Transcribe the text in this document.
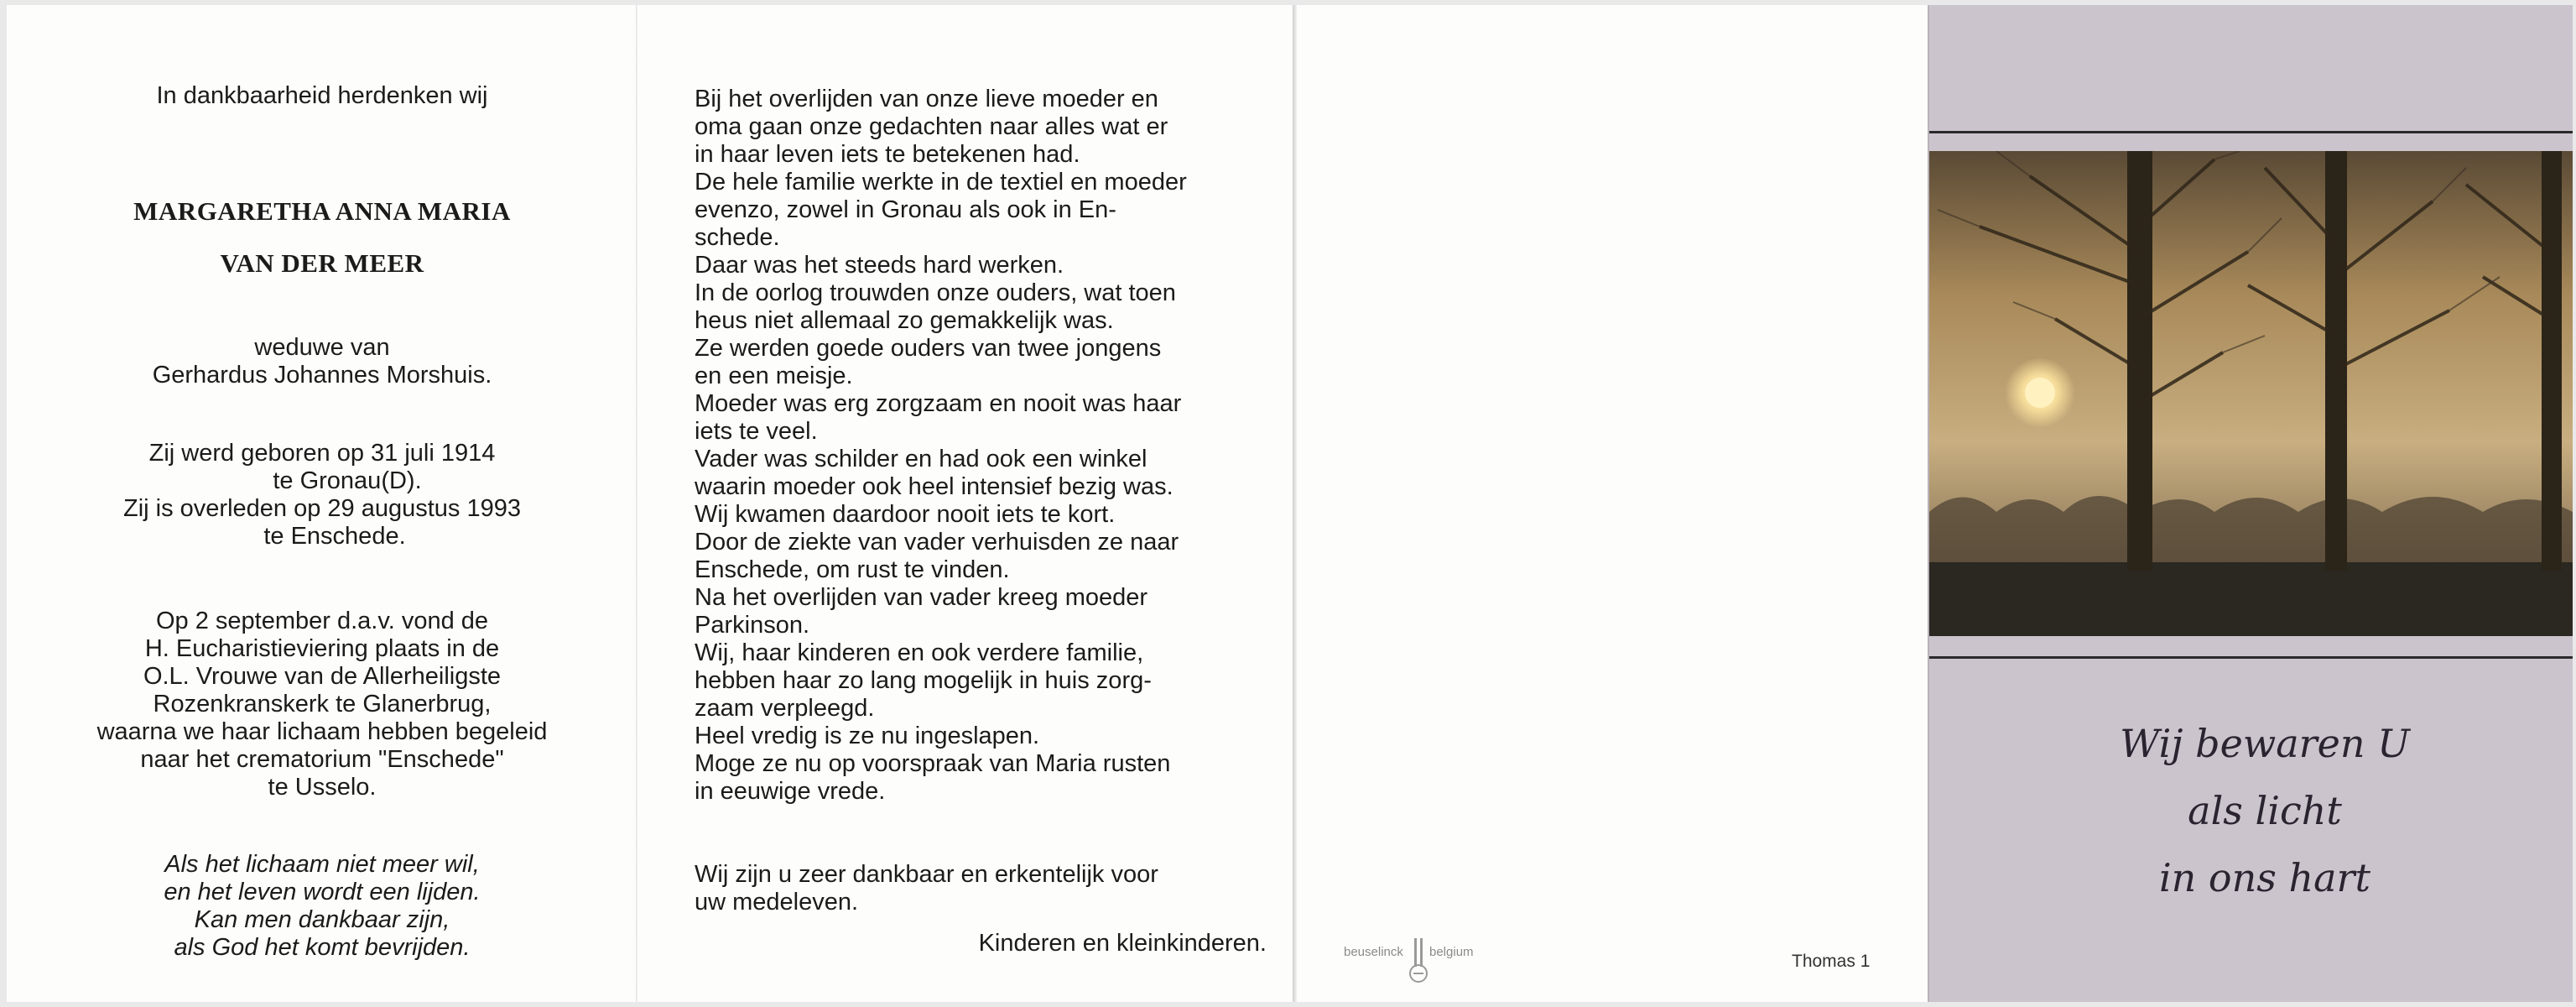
In dankbaarheid herdenken wij
MARGARETHA ANNA MARIA
VAN DER MEER
weduwe van
Gerhardus Johannes Morshuis.
Zij werd geboren op 31 juli 1914
te Gronau(D).
Zij is overleden op 29 augustus 1993
te Enschede.
Op 2 september d.a.v. vond de
H. Eucharistieviering plaats in de
O.L. Vrouwe van de Allerheiligste
Rozenkranskerk te Glanerbrug,
waarna we haar lichaam hebben begeleid
naar het crematorium "Enschede"
te Usselo.
Als het lichaam niet meer wil,
en het leven wordt een lijden.
Kan men dankbaar zijn,
als God het komt bevrijden.
Bij het overlijden van onze lieve moeder en
oma gaan onze gedachten naar alles wat er
in haar leven iets te betekenen had.
De hele familie werkte in de textiel en moeder
evenzo, zowel in Gronau als ook in En-
schede.
Daar was het steeds hard werken.
In de oorlog trouwden onze ouders, wat toen
heus niet allemaal zo gemakkelijk was.
Ze werden goede ouders van twee jongens
en een meisje.
Moeder was erg zorgzaam en nooit was haar
iets te veel.
Vader was schilder en had ook een winkel
waarin moeder ook heel intensief bezig was.
Wij kwamen daardoor nooit iets te kort.
Door de ziekte van vader verhuisden ze naar
Enschede, om rust te vinden.
Na het overlijden van vader kreeg moeder
Parkinson.
Wij, haar kinderen en ook verdere familie,
hebben haar zo lang mogelijk in huis zorg-
zaam verpleegd.
Heel vredig is ze nu ingeslapen.
Moge ze nu op voorspraak van Maria rusten
in eeuwige vrede.
Wij zijn u zeer dankbaar en erkentelijk voor
uw medeleven.
Kinderen en kleinkinderen.	beuselinck belgium	Thomas 1
Wij bewaren U
als licht
in ons hart
